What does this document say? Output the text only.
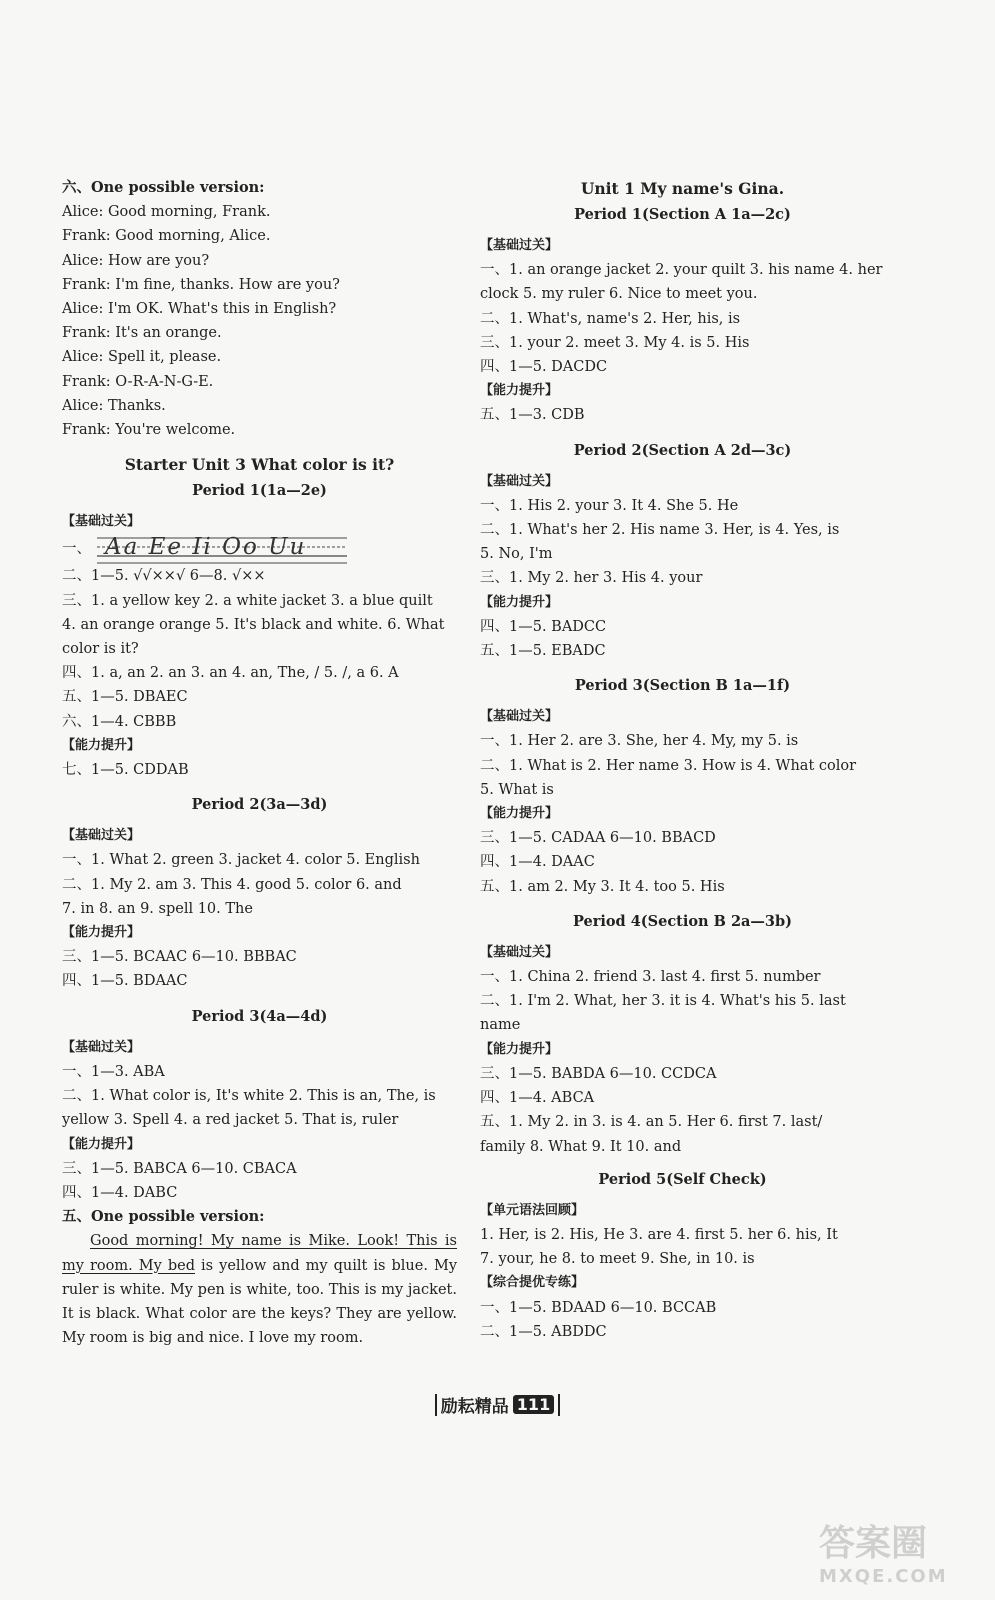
六、One possible version:
Alice: Good morning, Frank.
Frank: Good morning, Alice.
Alice: How are you?
Frank: I'm fine, thanks. How are you?
Alice: I'm OK. What's this in English?
Frank: It's an orange.
Alice: Spell it, please.
Frank: O-R-A-N-G-E.
Alice: Thanks.
Frank: You're welcome.
Starter Unit 3 What color is it?
Period 1(1a—2e)
【基础过关】
一、 Aa Ee Ii Oo Uu
二、1—5. √√××√ 6—8. √××
三、1. a yellow key 2. a white jacket 3. a blue quilt
4. an orange orange 5. It's black and white. 6. What
color is it?
四、1. a, an 2. an 3. an 4. an, The, / 5. /, a 6. A
五、1—5. DBAEC
六、1—4. CBBB
【能力提升】
七、1—5. CDDAB
Period 2(3a—3d)
【基础过关】
一、1. What 2. green 3. jacket 4. color 5. English
二、1. My 2. am 3. This 4. good 5. color 6. and
7. in 8. an 9. spell 10. The
【能力提升】
三、1—5. BCAAC 6—10. BBBAC
四、1—5. BDAAC
Period 3(4a—4d)
【基础过关】
一、1—3. ABA
二、1. What color is, It's white 2. This is an, The, is
yellow 3. Spell 4. a red jacket 5. That is, ruler
【能力提升】
三、1—5. BABCA 6—10. CBACA
四、1—4. DABC
五、One possible version:
Good morning! My name is Mike. Look! This is my room. My bed is yellow and my quilt is blue. My ruler is white. My pen is white, too. This is my jacket. It is black. What color are the keys? They are yellow. My room is big and nice. I love my room.
Unit 1 My name's Gina.
Period 1(Section A 1a—2c)
【基础过关】
一、1. an orange jacket 2. your quilt 3. his name 4. her
clock 5. my ruler 6. Nice to meet you.
二、1. What's, name's 2. Her, his, is
三、1. your 2. meet 3. My 4. is 5. His
四、1—5. DACDC
【能力提升】
五、1—3. CDB
Period 2(Section A 2d—3c)
【基础过关】
一、1. His 2. your 3. It 4. She 5. He
二、1. What's her 2. His name 3. Her, is 4. Yes, is
5. No, I'm
三、1. My 2. her 3. His 4. your
【能力提升】
四、1—5. BADCC
五、1—5. EBADC
Period 3(Section B 1a—1f)
【基础过关】
一、1. Her 2. are 3. She, her 4. My, my 5. is
二、1. What is 2. Her name 3. How is 4. What color
5. What is
【能力提升】
三、1—5. CADAA 6—10. BBACD
四、1—4. DAAC
五、1. am 2. My 3. It 4. too 5. His
Period 4(Section B 2a—3b)
【基础过关】
一、1. China 2. friend 3. last 4. first 5. number
二、1. I'm 2. What, her 3. it is 4. What's his 5. last
name
【能力提升】
三、1—5. BABDA 6—10. CCDCA
四、1—4. ABCA
五、1. My 2. in 3. is 4. an 5. Her 6. first 7. last/
family 8. What 9. It 10. and
Period 5(Self Check)
【单元语法回顾】
1. Her, is 2. His, He 3. are 4. first 5. her 6. his, It
7. your, he 8. to meet 9. She, in 10. is
【综合提优专练】
一、1—5. BDAAD 6—10. BCCAB
二、1—5. ABDDC
励耘精品 111
答案圈
MXQE.COM
